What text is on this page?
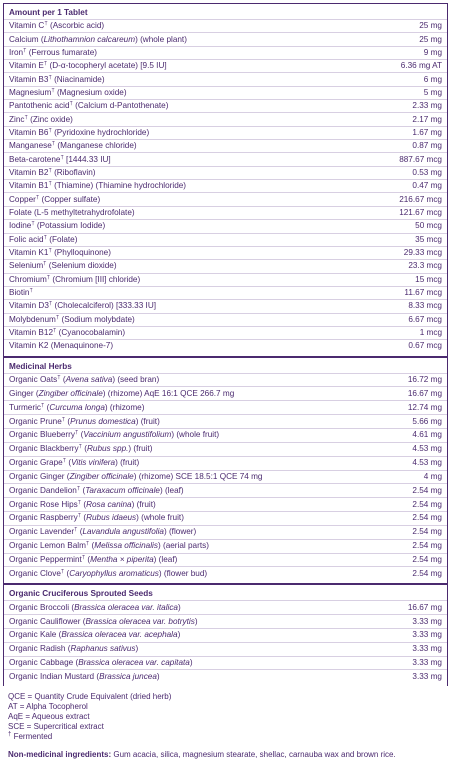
Amount per 1 Tablet
Vitamin C† (Ascorbic acid)	25 mg
Calcium (Lithothamnion calcareum) (whole plant)	25 mg
Iron† (Ferrous fumarate)	9 mg
Vitamin E† (D-α-tocopheryl acetate) [9.5 IU]	6.36 mg AT
Vitamin B3† (Niacinamide)	6 mg
Magnesium† (Magnesium oxide)	5 mg
Pantothenic acid† (Calcium d-Pantothenate)	2.33 mg
Zinc† (Zinc oxide)	2.17 mg
Vitamin B6† (Pyridoxine hydrochloride)	1.67 mg
Manganese† (Manganese chloride)	0.87 mg
Beta-carotene† [1444.33 IU]	887.67 mcg
Vitamin B2† (Riboflavin)	0.53 mg
Vitamin B1† (Thiamine) (Thiamine hydrochloride)	0.47 mg
Copper† (Copper sulfate)	216.67 mcg
Folate (L-5 methyltetrahydrofolate)	121.67 mcg
Iodine† (Potassium Iodide)	50 mcg
Folic acid† (Folate)	35 mcg
Vitamin K1† (Phylloquinone)	29.33 mcg
Selenium† (Selenium dioxide)	23.3 mcg
Chromium† (Chromium [III] chloride)	15 mcg
Biotin†	11.67 mcg
Vitamin D3† (Cholecalciferol) [333.33 IU]	8.33 mcg
Molybdenum† (Sodium molybdate)	6.67 mcg
Vitamin B12† (Cyanocobalamin)	1 mcg
Vitamin K2 (Menaquinone-7)	0.67 mcg
Medicinal Herbs
Organic Oats† (Avena sativa) (seed bran)	16.72 mg
Ginger (Zingiber officinale) (rhizome) AqE 16:1 QCE 266.7 mg	16.67 mg
Turmeric† (Curcuma longa) (rhizome)	12.74 mg
Organic Prune† (Prunus domestica) (fruit)	5.66 mg
Organic Blueberry† (Vaccinium angustifolium) (whole fruit)	4.61 mg
Organic Blackberry† (Rubus spp.) (fruit)	4.53 mg
Organic Grape† (Vitis vinifera) (fruit)	4.53 mg
Organic Ginger (Zingiber officinale) (rhizome) SCE 18.5:1 QCE 74 mg	4 mg
Organic Dandelion† (Taraxacum officinale) (leaf)	2.54 mg
Organic Rose Hips† (Rosa canina) (fruit)	2.54 mg
Organic Raspberry† (Rubus idaeus) (whole fruit)	2.54 mg
Organic Lavender† (Lavandula angustifolia) (flower)	2.54 mg
Organic Lemon Balm† (Melissa officinalis) (aerial parts)	2.54 mg
Organic Peppermint† (Mentha × piperita) (leaf)	2.54 mg
Organic Clove† (Caryophyllus aromaticus) (flower bud)	2.54 mg
Organic Cruciferous Sprouted Seeds
Organic Broccoli (Brassica oleracea var. italica)	16.67 mg
Organic Cauliflower (Brassica oleracea var. botrytis)	3.33 mg
Organic Kale (Brassica oleracea var. acephala)	3.33 mg
Organic Radish (Raphanus sativus)	3.33 mg
Organic Cabbage (Brassica oleracea var. capitata)	3.33 mg
Organic Indian Mustard (Brassica juncea)	3.33 mg
QCE = Quantity Crude Equivalent (dried herb)
AT = Alpha Tocopherol
AqE = Aqueous extract
SCE = Supercritical extract
† Fermented
Non-medicinal ingredients: Gum acacia, silica, magnesium stearate, shellac, carnauba wax and brown rice.
